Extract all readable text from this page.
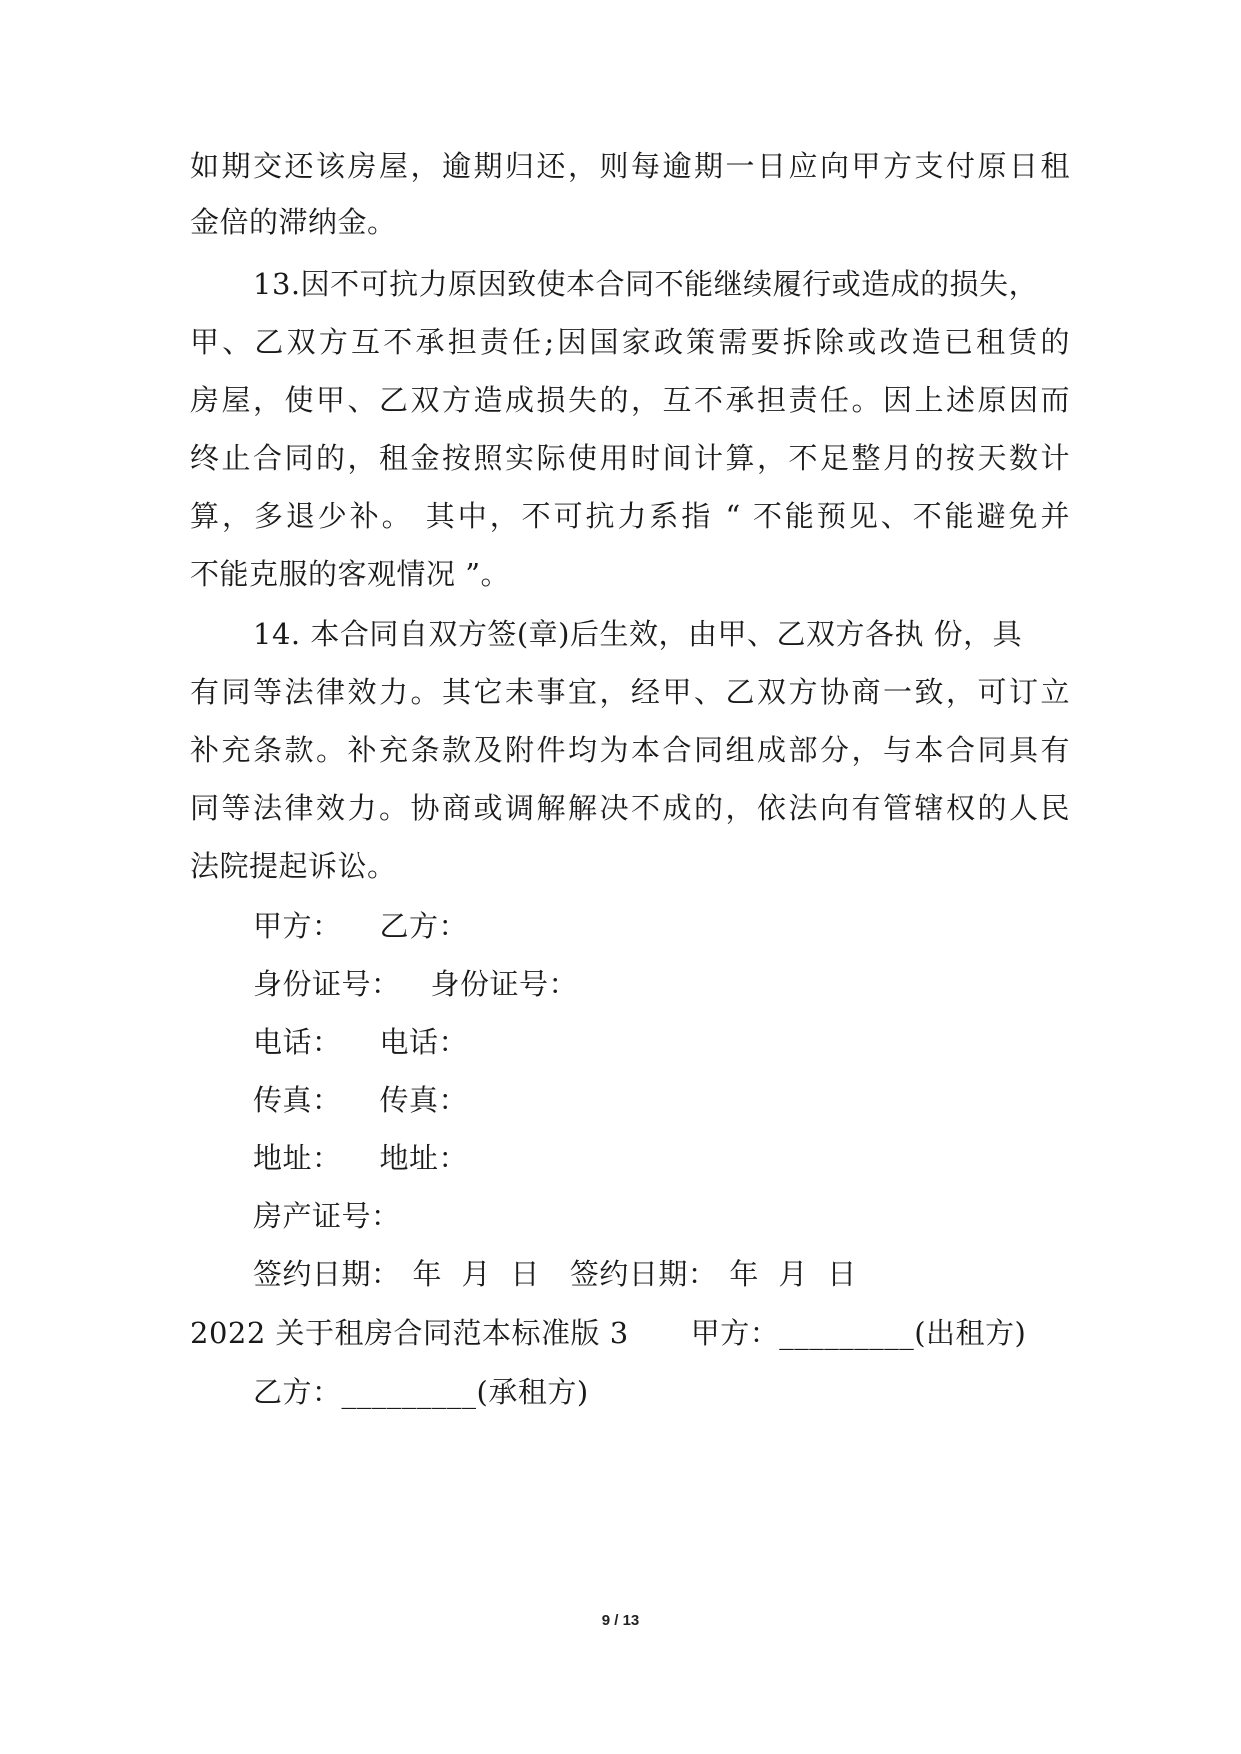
如期交还该房屋，逾期归还，则每逾期一日应向甲方支付原日租
金倍的滞纳金。
13.因不可抗力原因致使本合同不能继续履行或造成的损失，
甲、乙双方互不承担责任;因国家政策需要拆除或改造已租赁的
房屋，使甲、乙双方造成损失的，互不承担责任。因上述原因而
终止合同的，租金按照实际使用时间计算，不足整月的按天数计
算，多退少补。 其中，不可抗力系指 “ 不能预见、不能避免并
不能克服的客观情况 ”。
14. 本合同自双方签(章)后生效，由甲、乙双方各执 份，具
有同等法律效力。其它未事宜，经甲、乙双方协商一致，可订立
补充条款。补充条款及附件均为本合同组成部分，与本合同具有
同等法律效力。协商或调解解决不成的，依法向有管辖权的人民
法院提起诉讼。
甲方： 乙方：
身份证号： 身份证号：
电话： 电话：
传真： 传真：
地址： 地址：
房产证号：
签约日期： 年  月  日 签约日期： 年  月  日
2022 关于租房合同范本标准版 3 甲方：_________(出租方)
乙方：_________(承租方)
9 / 13
